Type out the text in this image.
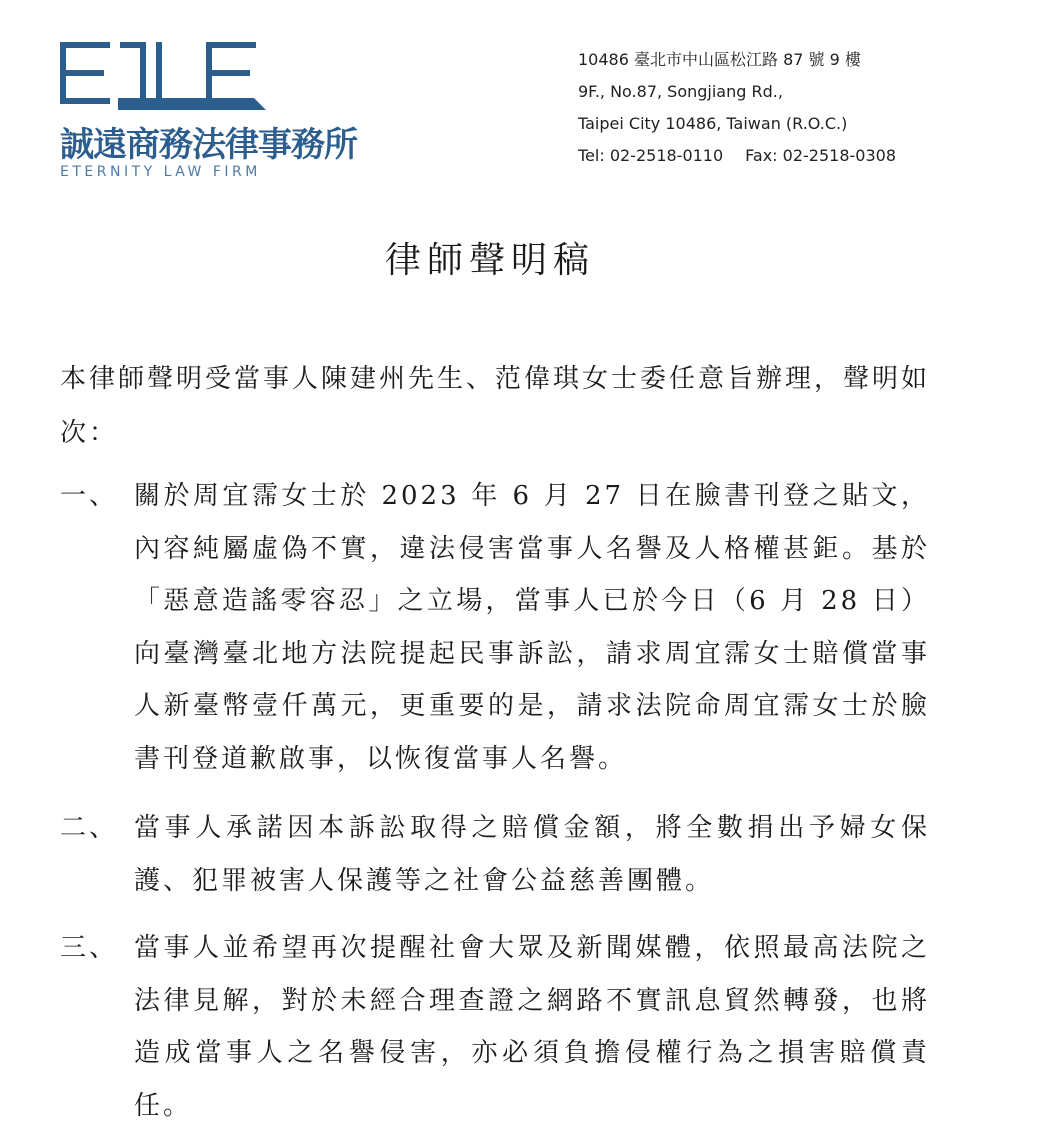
誠遠商務法律事務所
ETERNITY LAW FIRM
10486 臺北市中山區松江路 87 號 9 樓
9F., No.87, Songjiang Rd.,
Taipei City 10486, Taiwan (R.O.C.)
Tel: 02-2518-0110 Fax: 02-2518-0308
律師聲明稿
本律師聲明受當事人陳建州先生、范偉琪女士委任意旨辦理，聲明如次：
一、 關於周宜霈女士於 2023 年 6 月 27 日在臉書刊登之貼文，內容純屬虛偽不實，違法侵害當事人名譽及人格權甚鉅。基於「惡意造謠零容忍」之立場，當事人已於今日（6 月 28 日）向臺灣臺北地方法院提起民事訴訟，請求周宜霈女士賠償當事人新臺幣壹仟萬元，更重要的是，請求法院命周宜霈女士於臉書刊登道歉啟事，以恢復當事人名譽。
二、 當事人承諾因本訴訟取得之賠償金額，將全數捐出予婦女保護、犯罪被害人保護等之社會公益慈善團體。
三、 當事人並希望再次提醒社會大眾及新聞媒體，依照最高法院之法律見解，對於未經合理查證之網路不實訊息貿然轉發，也將造成當事人之名譽侵害，亦必須負擔侵權行為之損害賠償責任。
